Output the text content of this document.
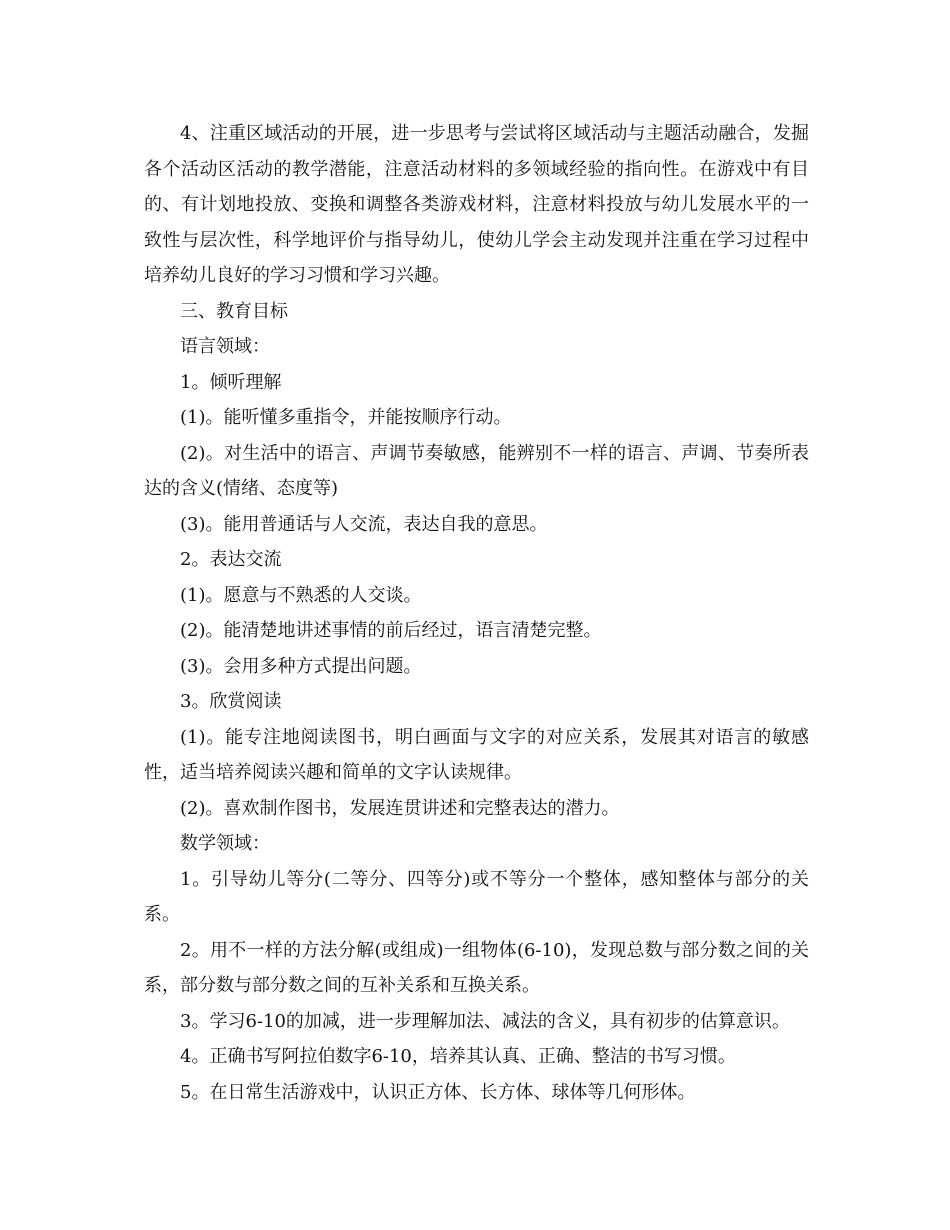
4、注重区域活动的开展，进一步思考与尝试将区域活动与主题活动融合，发掘各个活动区活动的教学潜能，注意活动材料的多领域经验的指向性。在游戏中有目的、有计划地投放、变换和调整各类游戏材料，注意材料投放与幼儿发展水平的一致性与层次性，科学地评价与指导幼儿，使幼儿学会主动发现并注重在学习过程中培养幼儿良好的学习习惯和学习兴趣。

三、教育目标

语言领域：

1。倾听理解

(1)。能听懂多重指令，并能按顺序行动。

(2)。对生活中的语言、声调节奏敏感，能辨别不一样的语言、声调、节奏所表达的含义(情绪、态度等)

(3)。能用普通话与人交流，表达自我的意思。

2。表达交流

(1)。愿意与不熟悉的人交谈。

(2)。能清楚地讲述事情的前后经过，语言清楚完整。

(3)。会用多种方式提出问题。

3。欣赏阅读

(1)。能专注地阅读图书，明白画面与文字的对应关系，发展其对语言的敏感性，适当培养阅读兴趣和简单的文字认读规律。

(2)。喜欢制作图书，发展连贯讲述和完整表达的潜力。

数学领域：

1。引导幼儿等分(二等分、四等分)或不等分一个整体，感知整体与部分的关系。

2。用不一样的方法分解(或组成)一组物体(6-10)，发现总数与部分数之间的关系，部分数与部分数之间的互补关系和互换关系。

3。学习6-10的加减，进一步理解加法、减法的含义，具有初步的估算意识。

4。正确书写阿拉伯数字6-10，培养其认真、正确、整洁的书写习惯。

5。在日常生活游戏中，认识正方体、长方体、球体等几何形体。
